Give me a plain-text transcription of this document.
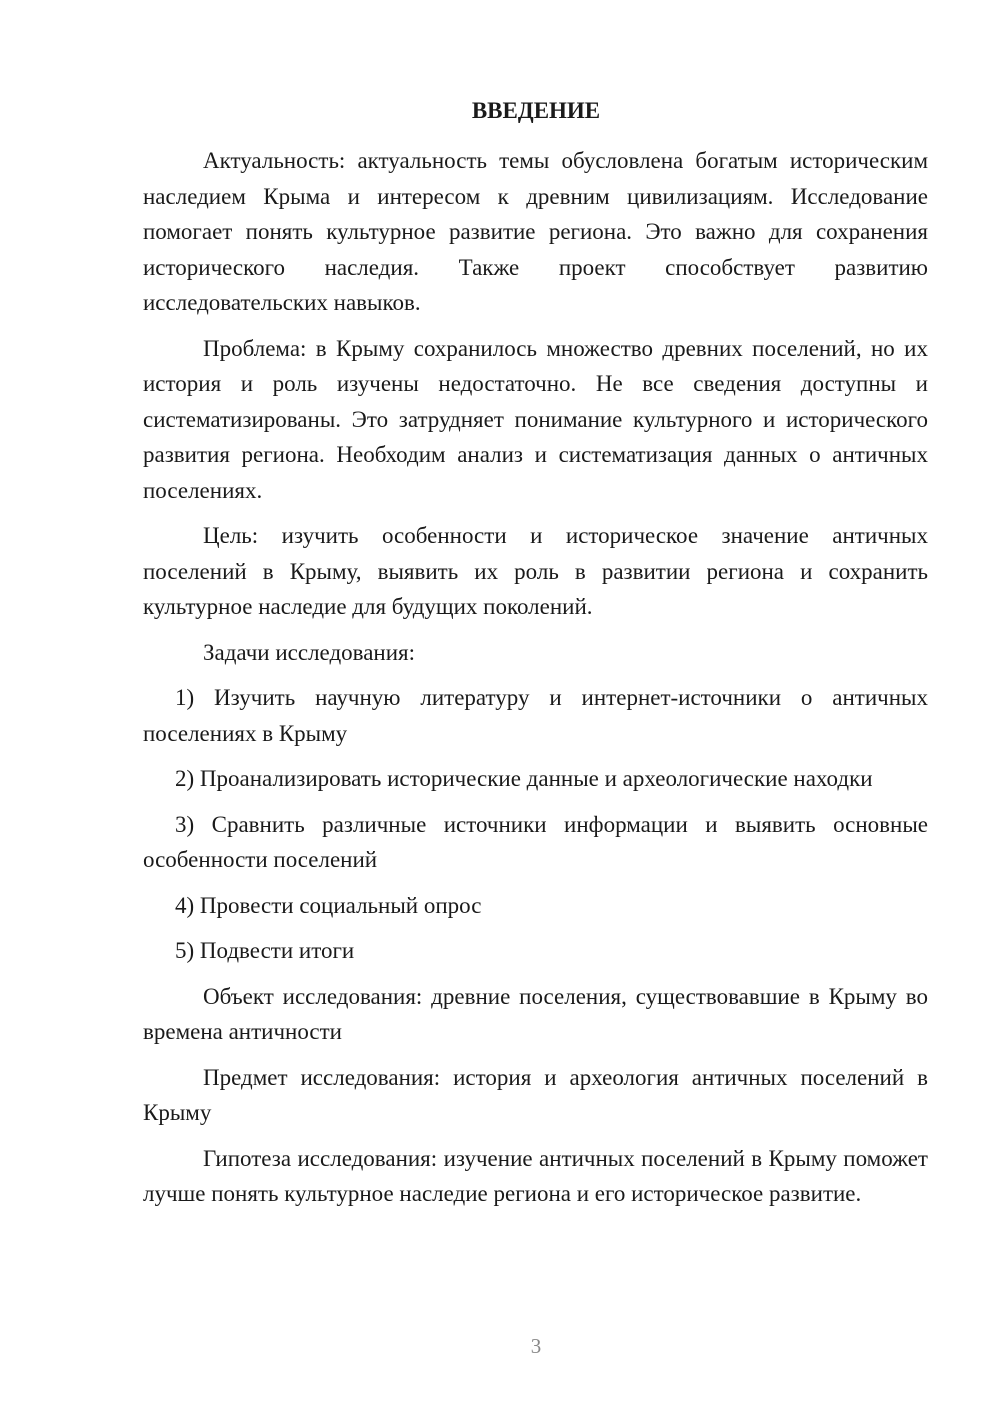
ВВЕДЕНИЕ

Актуальность: актуальность темы обусловлена богатым историческим наследием Крыма и интересом к древним цивилизациям. Исследование помогает понять культурное развитие региона. Это важно для сохранения исторического наследия. Также проект способствует развитию исследовательских навыков.

Проблема: в Крыму сохранилось множество древних поселений, но их история и роль изучены недостаточно. Не все сведения доступны и систематизированы. Это затрудняет понимание культурного и исторического развития региона. Необходим анализ и систематизация данных о античных поселениях.

Цель: изучить особенности и историческое значение античных поселений в Крыму, выявить их роль в развитии региона и сохранить культурное наследие для будущих поколений.

Задачи исследования:

1) Изучить научную литературу и интернет-источники о античных поселениях в Крыму

2) Проанализировать исторические данные и археологические находки

3) Сравнить различные источники информации и выявить основные особенности поселений

4) Провести социальный опрос

5) Подвести итоги

Объект исследования: древние поселения, существовавшие в Крыму во времена античности

Предмет исследования: история и археология античных поселений в Крыму

Гипотеза исследования: изучение античных поселений в Крыму поможет лучше понять культурное наследие региона и его историческое развитие.

3
